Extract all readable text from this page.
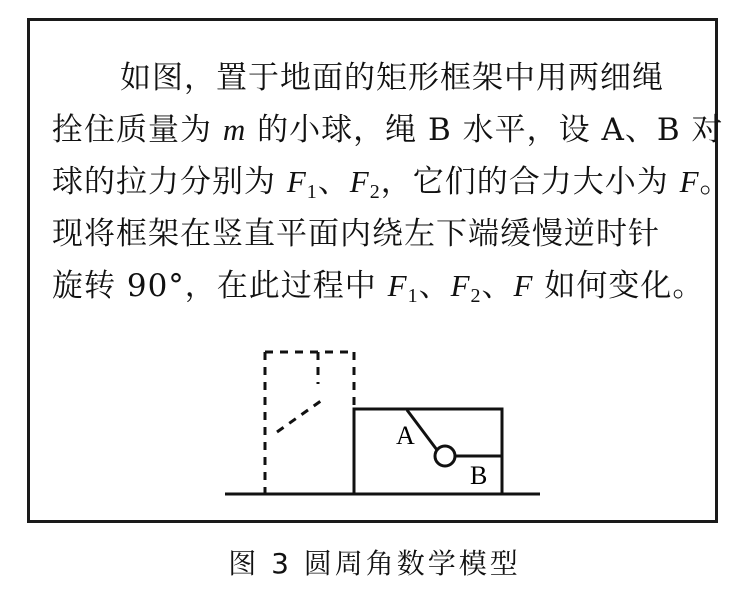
如图，置于地面的矩形框架中用两细绳
拴住质量为 m 的小球，绳 B 水平，设 A、B 对
球的拉力分别为 $F_1$、$F_2$，它们的合力大小为 F。
现将框架在竖直平面内绕左下端缓慢逆时针
旋转 90°，在此过程中 $F_1$、$F_2$、F 如何变化。
A
B
图 3 圆周角数学模型
